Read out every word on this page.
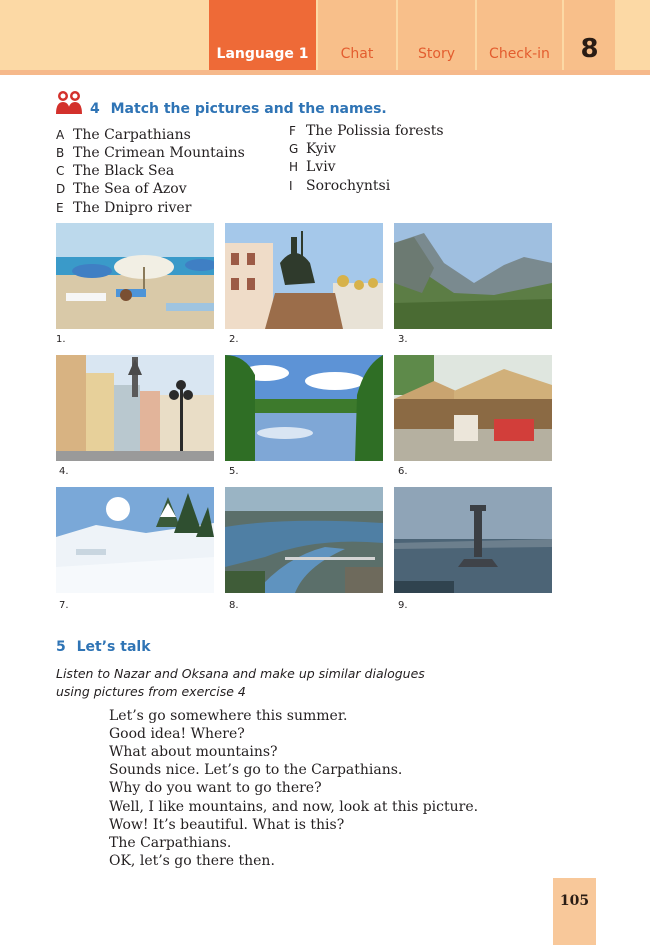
Language 1	Chat	Story	Check-in	8
4 Match the pictures and the names.
A The Carpathians
B The Crimean Mountains
C The Black Sea
D The Sea of Azov
E The Dnipro river
F The Polissia forests
G Kyiv
H Lviv
I Sorochyntsi
1.	2.	3.
4.	5.	6.
7.	8.	9.
5 Let’s talk
Listen to Nazar and Oksana and make up similar dialogues
using pictures from exercise 4
Let’s go somewhere this summer.
Good idea! Where?
What about mountains?
Sounds nice. Let’s go to the Carpathians.
Why do you want to go there?
Well, I like mountains, and now, look at this picture.
Wow! It’s beautiful. What is this?
The Carpathians.
OK, let’s go there then.
105
